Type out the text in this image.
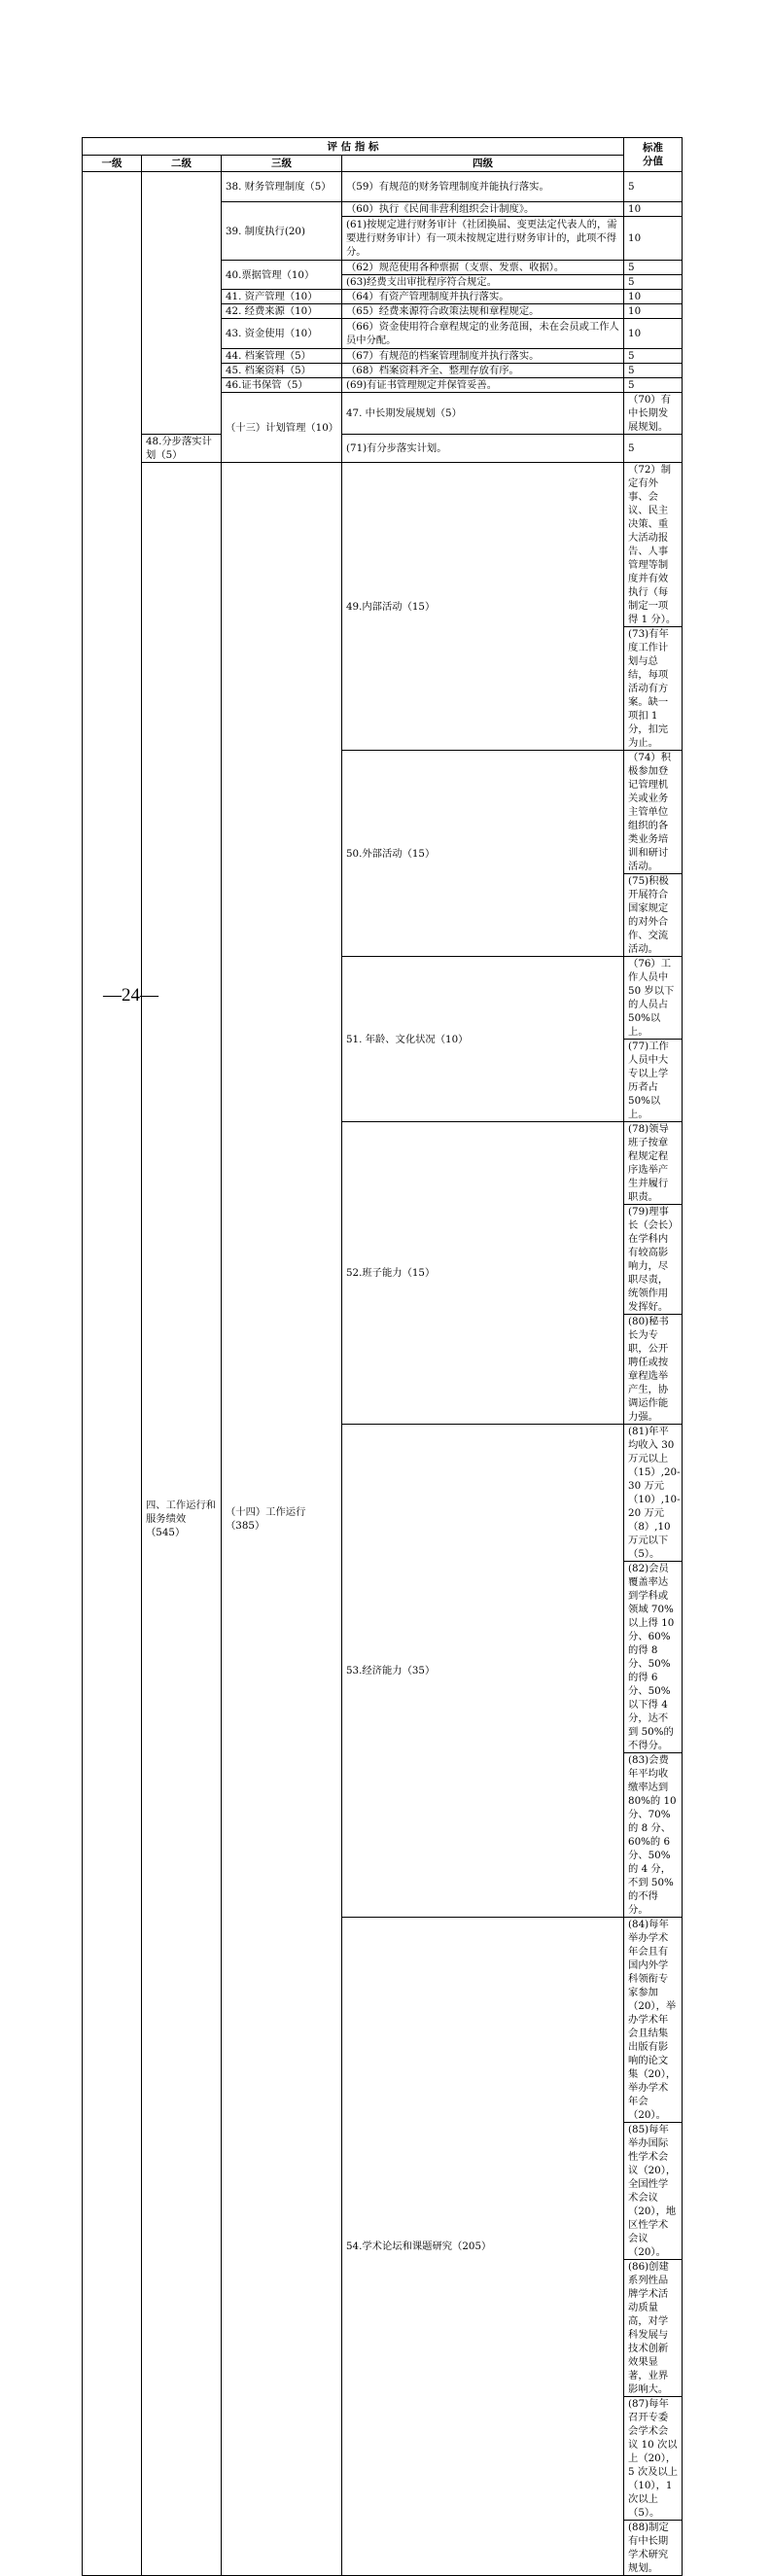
评 估 指 标				标准
分值	
一级	二级	三级	四级		
		38. 财务管理制度（5）	（59）有规范的财务管理制度并能执行落实。	5	
		39. 制度执行(20)	（60）执行《民间非营利组织会计制度》。	10	
			(61)按规定进行财务审计（社团换届、变更法定代表人的，需要进行财务审计）有一项未按规定进行财务审计的，此项不得分。	10	
		40.票据管理（10）	（62）规范使用各种票据（支票、发票、收据）。	5	
			(63)经费支出审批程序符合规定。	5	
		41. 资产管理（10）	（64）有资产管理制度并执行落实。	10	
		42. 经费来源（10）	（65）经费来源符合政策法规和章程规定。	10	
		43. 资金使用（10）	（66）资金使用符合章程规定的业务范围，未在会员或工作人员中分配。	10	
		44. 档案管理（5）	（67）有规范的档案管理制度并执行落实。	5	
		45. 档案资料（5）	（68）档案资料齐全、整理存放有序。	5	
		46.证书保管（5）	(69)有证书管理规定并保管妥善。	5	
		（十三）计划管理（10）	47. 中长期发展规划（5）	（70）有中长期发展规划。	
	48.分步落实计划（5）		(71)有分步落实计划。	5	
	四、工作运行和服务绩效（545）	（十四）工作运行（385）	49.内部活动（15）	（72）制定有外事、会议、民主决策、重大活动报告、人事管理等制度并有效执行（每制定一项得 1 分）。	
				(73)有年度工作计划与总结，每项活动有方案。缺一项扣 1 分，扣完为止。	
			50.外部活动（15）	（74）积极参加登记管理机关或业务主管单位组织的各类业务培训和研讨活动。	
				(75)积极开展符合国家规定的对外合作、交流活动。	
			51. 年龄、文化状况（10）	（76）工作人员中 50 岁以下的人员占 50%以上。	
				(77)工作人员中大专以上学历者占 50%以上。	
			52.班子能力（15）	(78)领导班子按章程规定程序选举产生并履行职责。	
				(79)理事长（会长）在学科内有较高影响力，尽职尽责，统领作用发挥好。	
				(80)秘书长为专职，公开聘任或按章程选举产生，协调运作能力强。	
			53.经济能力（35）	(81)年平均收入 30 万元以上（15）,20-30 万元（10）,10-20 万元（8）,10 万元以下（5）。	
				(82)会员覆盖率达到学科或领域 70%以上得 10 分、60%的得 8 分、50%的得 6 分、50%以下得 4 分，达不到 50%的不得分。	
				(83)会费年平均收缴率达到 80%的 10 分、70%的 8 分、60%的 6 分、50%的 4 分，不到 50%的不得分。	
			54.学术论坛和课题研究（205）	(84)每年举办学术年会且有国内外学科领衔专家参加（20），举办学术年会且结集出版有影响的论文集（20），举办学术年会（20）。	
				(85)每年举办国际性学术会议（20），全国性学术会议（20），地区性学术会议（20）。	
				(86)创建系列性品牌学术活动质量高，对学科发展与技术创新效果显著，业界影响大。	
				(87)每年召开专委会学术会议 10 次以上（20），5 次及以上（10），1 次以上（5）。	
				(88)制定有中长期学术研究规划。	
—24—
